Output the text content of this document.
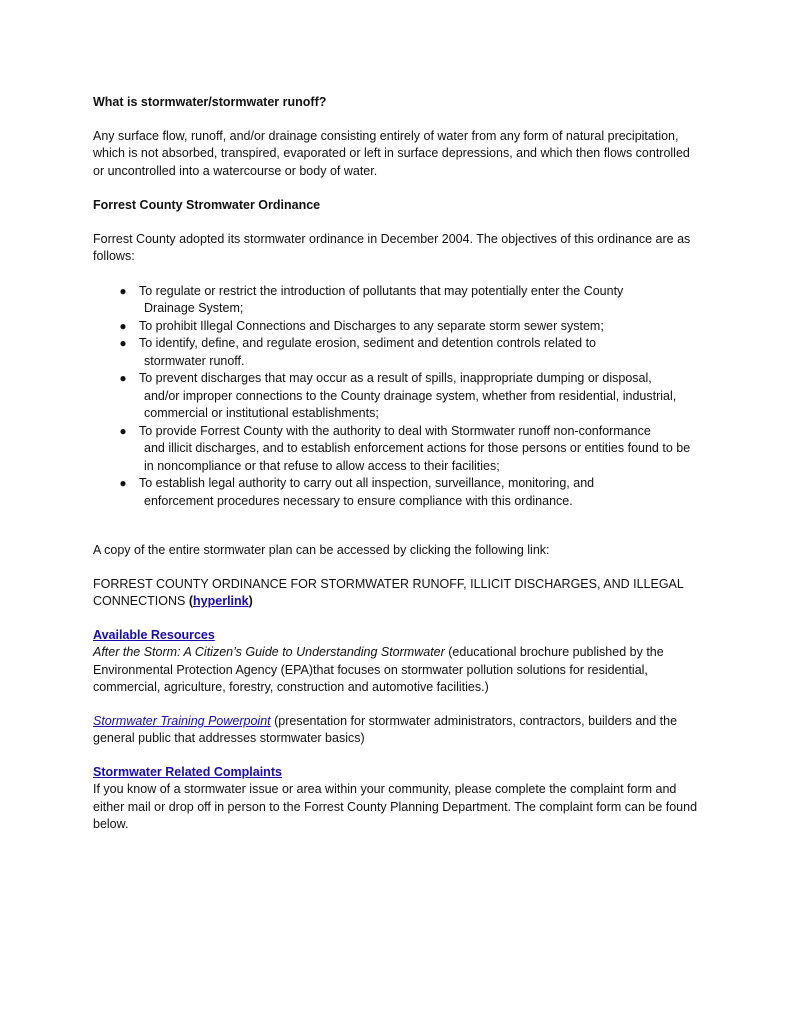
What is stormwater/stormwater runoff?

Any surface flow, runoff, and/or drainage consisting entirely of water from any form of natural precipitation, which is not absorbed, transpired, evaporated or left in surface depressions, and which then flows controlled or uncontrolled into a watercourse or body of water.

Forrest County Stromwater Ordinance

Forrest County adopted its stormwater ordinance in December 2004. The objectives of this ordinance are as follows:

● To regulate or restrict the introduction of pollutants that may potentially enter the County
Drainage System;
● To prohibit Illegal Connections and Discharges to any separate storm sewer system;
● To identify, define, and regulate erosion, sediment and detention controls related to
stormwater runoff.
● To prevent discharges that may occur as a result of spills, inappropriate dumping or disposal,
and/or improper connections to the County drainage system, whether from residential, industrial, commercial or institutional establishments;
● To provide Forrest County with the authority to deal with Stormwater runoff non-conformance
and illicit discharges, and to establish enforcement actions for those persons or entities found to be in noncompliance or that refuse to allow access to their facilities;
● To establish legal authority to carry out all inspection, surveillance, monitoring, and
enforcement procedures necessary to ensure compliance with this ordinance.

A copy of the entire stormwater plan can be accessed by clicking the following link:

FORREST COUNTY ORDINANCE FOR STORMWATER RUNOFF, ILLICIT DISCHARGES, AND ILLEGAL CONNECTIONS (hyperlink)

Available Resources

After the Storm: A Citizen’s Guide to Understanding Stormwater (educational brochure published by the Environmental Protection Agency (EPA)that focuses on stormwater pollution solutions for residential, commercial, agriculture, forestry, construction and automotive facilities.)

Stormwater Training Powerpoint (presentation for stormwater administrators, contractors, builders and the general public that addresses stormwater basics)

Stormwater Related Complaints

If you know of a stormwater issue or area within your community, please complete the complaint form and either mail or drop off in person to the Forrest County Planning Department. The complaint form can be found below.
